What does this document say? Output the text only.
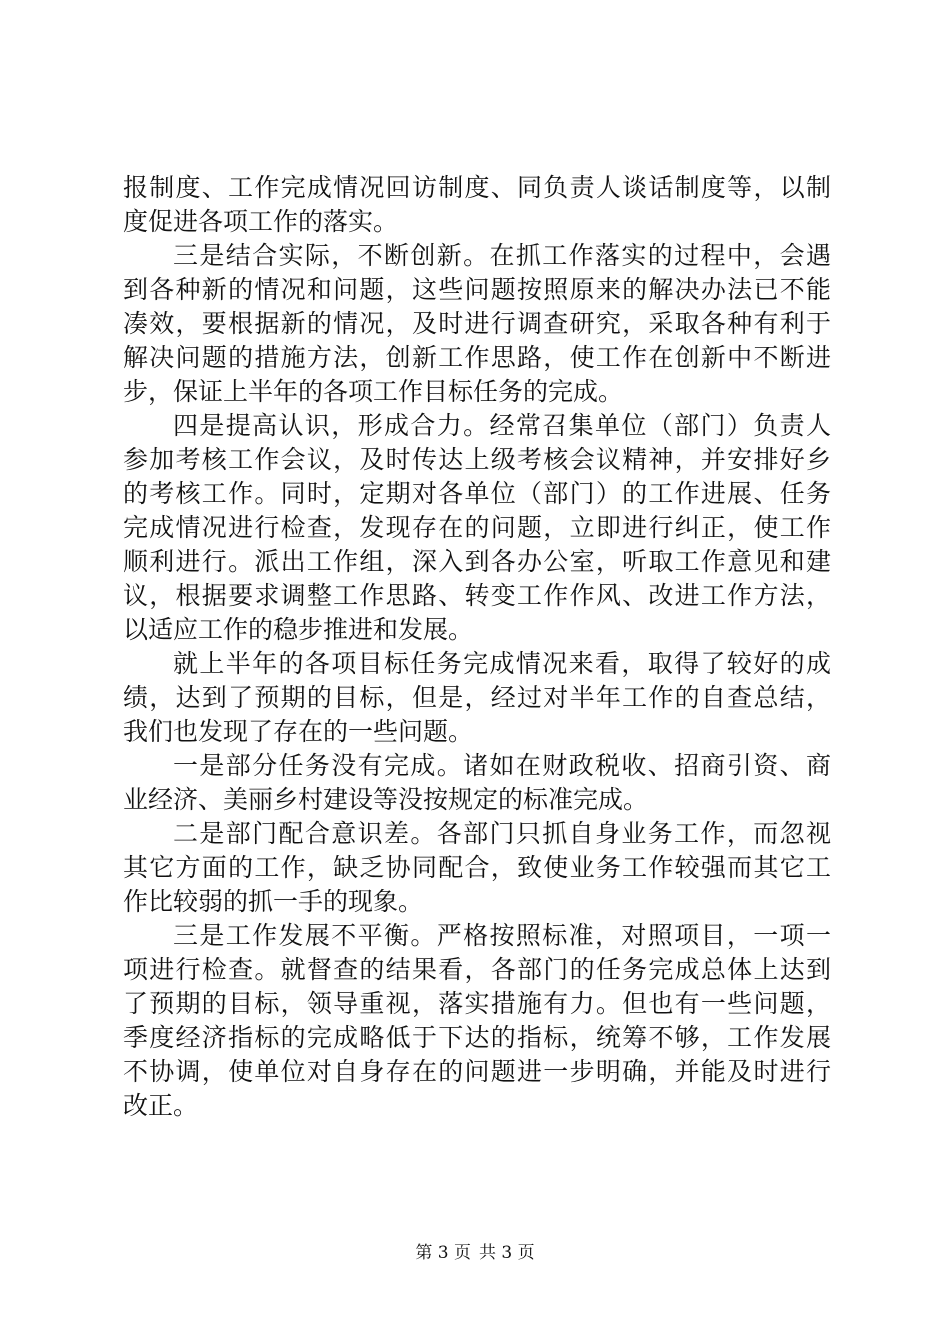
报制度、工作完成情况回访制度、同负责人谈话制度等，以制
度促进各项工作的落实。
三是结合实际，不断创新。在抓工作落实的过程中，会遇
到各种新的情况和问题，这些问题按照原来的解决办法已不能
凑效，要根据新的情况，及时进行调查研究，采取各种有利于
解决问题的措施方法，创新工作思路，使工作在创新中不断进
步，保证上半年的各项工作目标任务的完成。
四是提高认识，形成合力。经常召集单位（部门）负责人
参加考核工作会议，及时传达上级考核会议精神，并安排好乡
的考核工作。同时，定期对各单位（部门）的工作进展、任务
完成情况进行检查，发现存在的问题，立即进行纠正，使工作
顺利进行。派出工作组，深入到各办公室，听取工作意见和建
议，根据要求调整工作思路、转变工作作风、改进工作方法，
以适应工作的稳步推进和发展。
就上半年的各项目标任务完成情况来看，取得了较好的成
绩，达到了预期的目标，但是，经过对半年工作的自查总结，
我们也发现了存在的一些问题。
一是部分任务没有完成。诸如在财政税收、招商引资、商
业经济、美丽乡村建设等没按规定的标准完成。
二是部门配合意识差。各部门只抓自身业务工作，而忽视
其它方面的工作，缺乏协同配合，致使业务工作较强而其它工
作比较弱的抓一手的现象。
三是工作发展不平衡。严格按照标准，对照项目，一项一
项进行检查。就督查的结果看，各部门的任务完成总体上达到
了预期的目标，领导重视，落实措施有力。但也有一些问题，
季度经济指标的完成略低于下达的指标，统筹不够，工作发展
不协调，使单位对自身存在的问题进一步明确，并能及时进行
改正。
第 3 页 共 3 页
